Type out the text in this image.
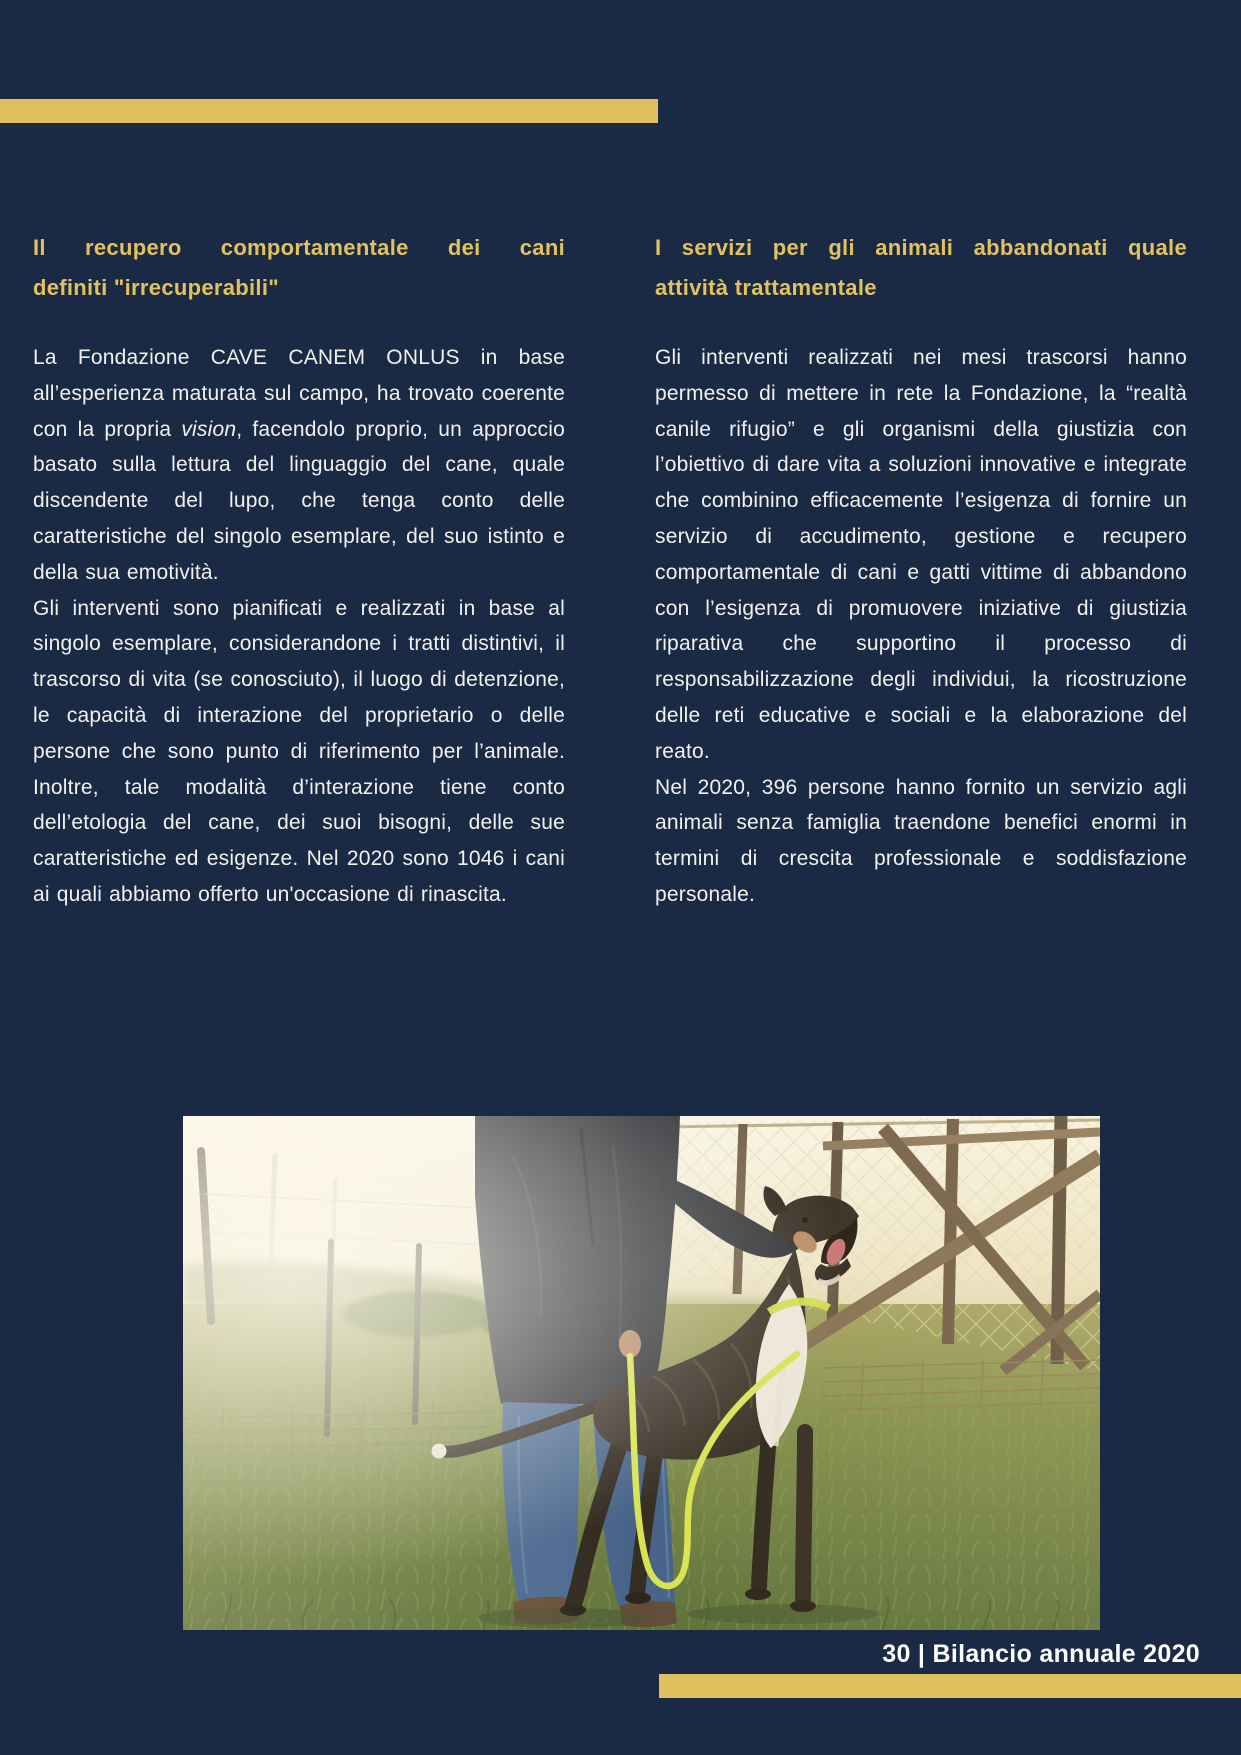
Il recupero comportamentale dei cani
definiti "irrecuperabili"

La Fondazione CAVE CANEM ONLUS in base all’esperienza maturata sul campo, ha trovato coerente con la propria vision, facendolo proprio, un approccio basato sulla lettura del linguaggio del cane, quale discendente del lupo, che tenga conto delle caratteristiche del singolo esemplare, del suo istinto e della sua emotività.

Gli interventi sono pianificati e realizzati in base al singolo esemplare, considerandone i tratti distintivi, il trascorso di vita (se conosciuto), il luogo di detenzione, le capacità di interazione del proprietario o delle persone che sono punto di riferimento per l’animale. Inoltre, tale modalità d’interazione tiene conto dell’etologia del cane, dei suoi bisogni, delle sue caratteristiche ed esigenze. Nel 2020 sono 1046 i cani ai quali abbiamo offerto un'occasione di rinascita.

I servizi per gli animali abbandonati quale
attività trattamentale

Gli interventi realizzati nei mesi trascorsi hanno permesso di mettere in rete la Fondazione, la “realtà canile rifugio” e gli organismi della giustizia con l’obiettivo di dare vita a soluzioni innovative e integrate che combinino efficacemente l’esigenza di fornire un servizio di accudimento, gestione e recupero comportamentale di cani e gatti vittime di abbandono con l’esigenza di promuovere iniziative di giustizia riparativa che supportino il processo di responsabilizzazione degli individui, la ricostruzione delle reti educative e sociali e la elaborazione del reato.

Nel 2020, 396 persone hanno fornito un servizio agli animali senza famiglia traendone benefici enormi in termini di crescita professionale e soddisfazione personale.

30 | Bilancio annuale 2020
